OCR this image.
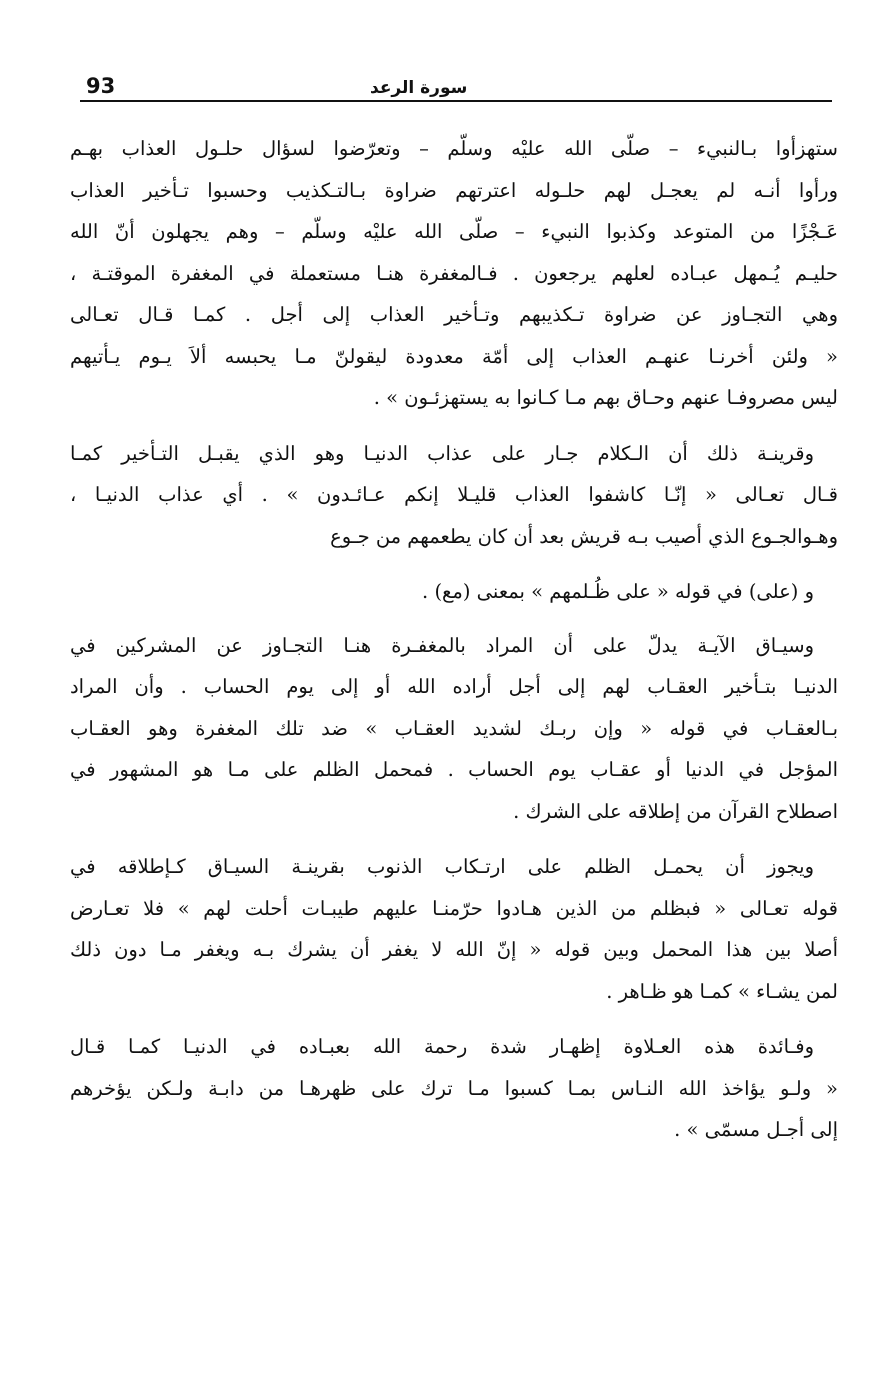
93	سورة الرعد
ستهزأوا بـالنبيء – صلّى الله عليْه وسلّم – وتعرّضوا لسؤال حلـول العذاب بهـم
ورأوا أنـه لم يعجـل لهم حلـوله اعترتهم ضراوة بـالتـكذيب وحسبوا تـأخير العذاب
عَـجْزًا من المتوعد وكذبوا النبيء – صلّى الله عليْه وسلّم – وهم يجهلون أنّ الله
حليـم يُـمهل عبـاده لعلهم يرجعون . فـالمغفرة هنـا مستعملة في المغفرة الموقتـة ،
وهي التجـاوز عن ضراوة تـكذيبهم وتـأخير العذاب إلى أجل . كمـا قـال تعـالى
« ولئن أخرنـا عنهـم العذاب إلى أمّة معدودة ليقولنّ مـا يحبسه ألاَ يـوم يـأتيهم
ليس مصروفـا عنهم وحـاق بهم مـا كـانوا به يستهزئـون » .
وقرينـة ذلك أن الـكلام جـار على عذاب الدنيـا وهو الذي يقبـل التـأخير كمـا
قـال تعـالى « إنّـا كاشفوا العذاب قليـلا إنكم عـائـدون » . أي عذاب الدنيـا ،
وهـوالجـوع الذي أصيب بـه قريش بعد أن كان يطعمهم من جـوع
و (على) في قوله « على ظُـلمهم » بمعنى (مع) .
وسيـاق الآيـة يدلّ على أن المراد بالمغفـرة هنـا التجـاوز عن المشركين في
الدنيـا بتـأخير العقـاب لهم إلى أجل أراده الله أو إلى يوم الحساب . وأن المراد
بـالعقـاب في قوله « وإن ربـك لشديد العقـاب » ضد تلك المغفرة وهو العقـاب
المؤجل في الدنيا أو عقـاب يوم الحساب . فمحمل الظلم على مـا هو المشهور في
اصطلاح القرآن من إطلاقه على الشرك .
ويجوز أن يحمـل الظلم على ارتـكاب الذنوب بقرينـة السيـاق كـإطلاقه في
قوله تعـالى « فبظلم من الذين هـادوا حرّمنـا عليهم طيبـات أحلت لهم » فلا تعـارض
أصلا بين هذا المحمل وبين قوله « إنّ الله لا يغفر أن يشرك بـه ويغفر مـا دون ذلك
لمن يشـاء » كمـا هو ظـاهر .
وفـائدة هذه العـلاوة إظهـار شدة رحمة الله بعبـاده في الدنيـا كمـا قـال
« ولـو يؤاخذ الله النـاس بمـا كسبوا مـا ترك على ظهرهـا من دابـة ولـكن يؤخرهم
إلى أجـل مسمّى » .
